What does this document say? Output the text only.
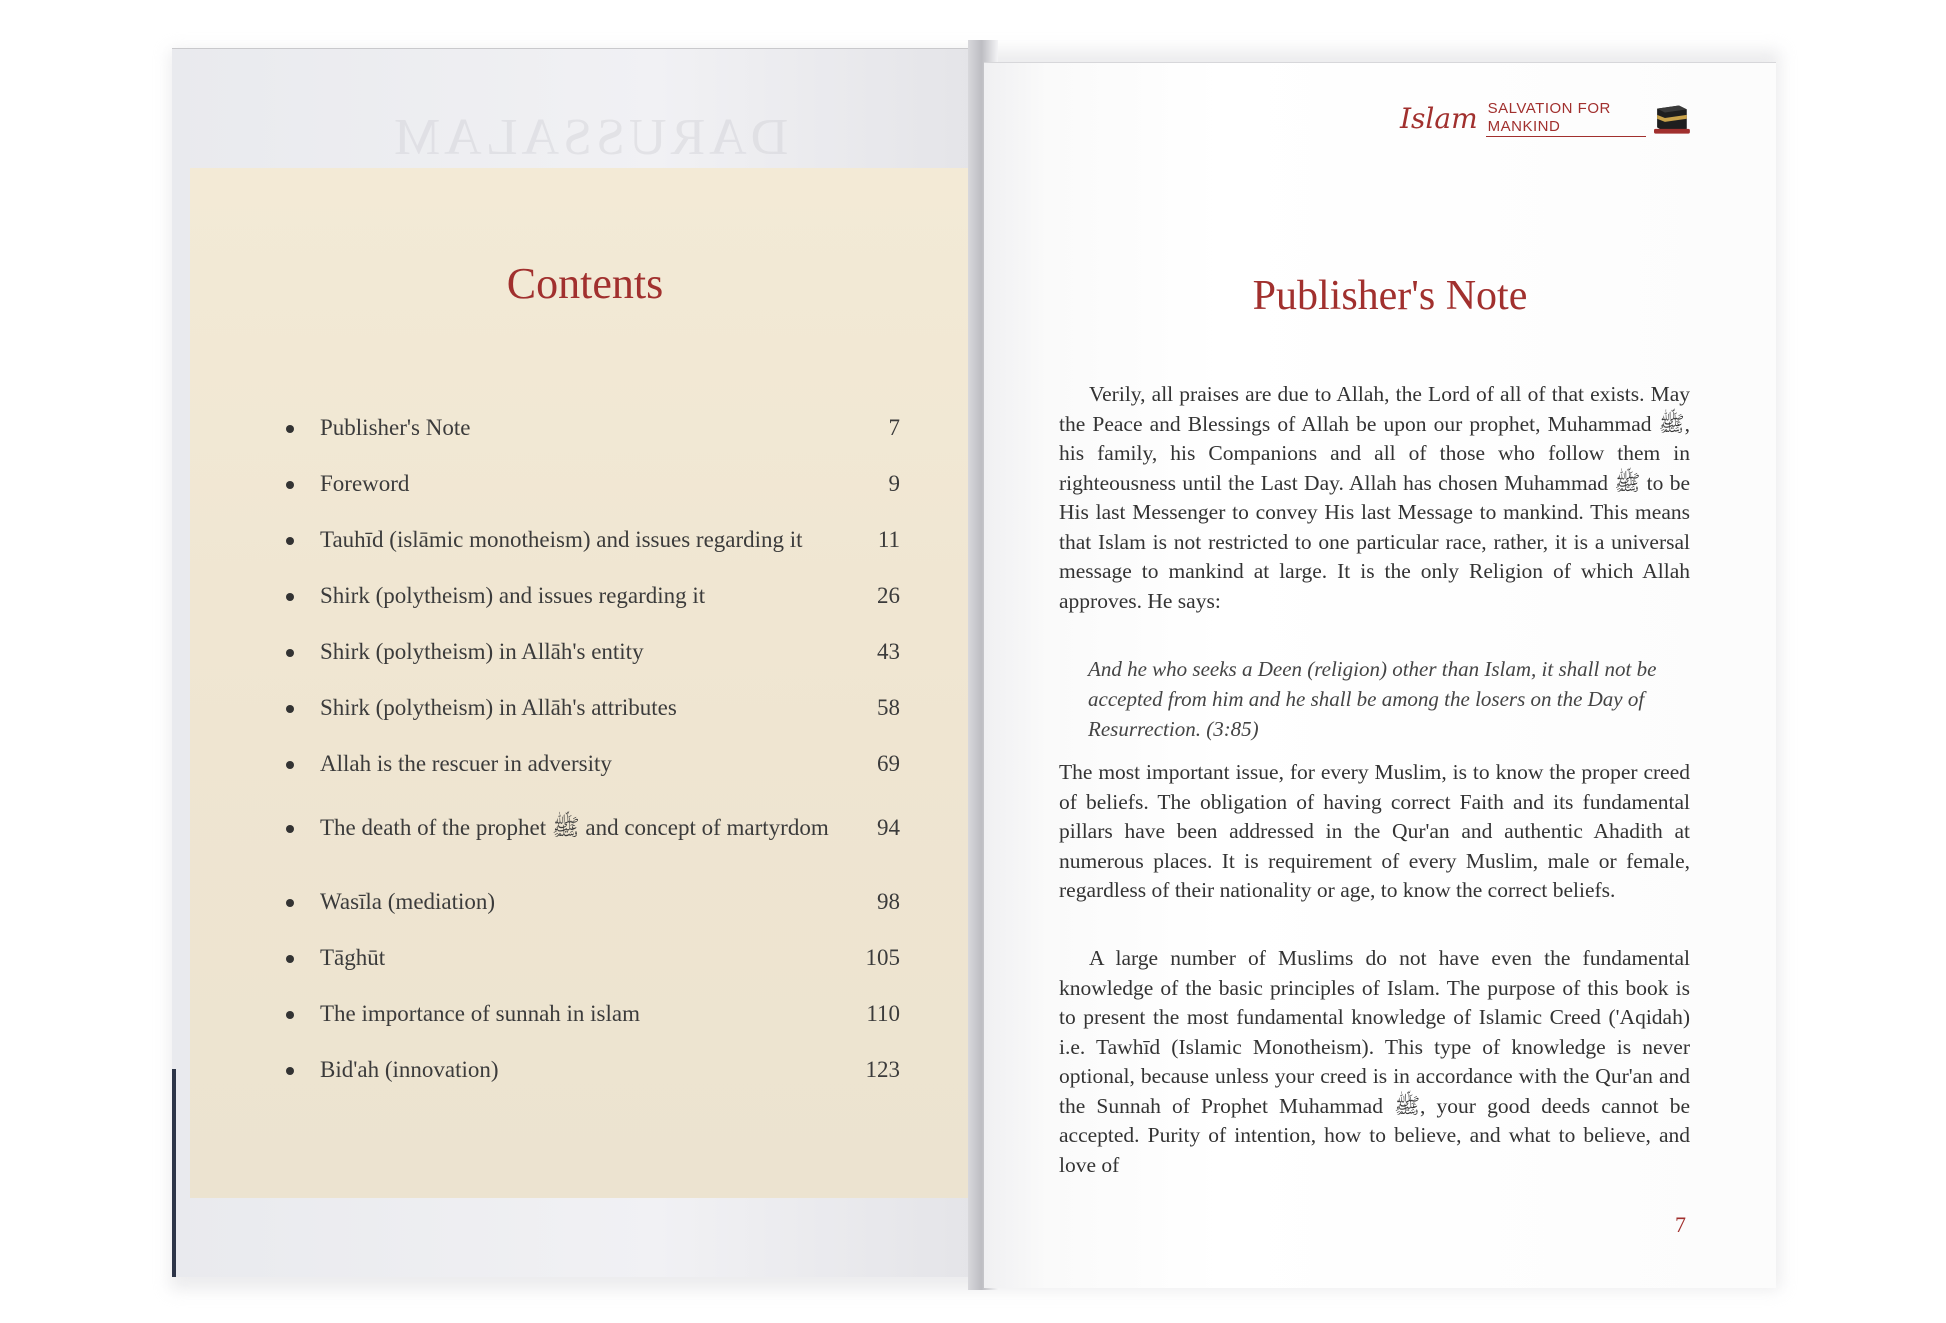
DARUSSALAM
Contents
Publisher's Note	7
Foreword	9
Tauhīd (islāmic monotheism) and issues regarding it	11
Shirk (polytheism) and issues regarding it	26
Shirk (polytheism) in Allāh's entity	43
Shirk (polytheism) in Allāh's attributes	58
Allah is the rescuer in adversity	69
The death of the prophet ﷺ and concept of martyrdom 94
Wasīla (mediation)	98
Tāghūt	105
The importance of sunnah in islam	110
Bid'ah (innovation)	123
Islam SALVATION FOR MANKIND
Publisher's Note

Verily, all praises are due to Allah, the Lord of all of that exists. May the Peace and Blessings of Allah be upon our prophet, Muhammad ﷺ, his family, his Companions and all of those who follow them in righteousness until the Last Day. Allah has chosen Muhammad ﷺ to be His last Messenger to convey His last Message to mankind. This means that Islam is not restricted to one particular race, rather, it is a universal message to mankind at large. It is the only Religion of which Allah approves. He says:

And he who seeks a Deen (religion) other than Islam, it shall not be accepted from him and he shall be among the losers on the Day of Resurrection. (3:85)

The most important issue, for every Muslim, is to know the proper creed of beliefs. The obligation of having correct Faith and its fundamental pillars have been addressed in the Qur'an and authentic Ahadith at numerous places. It is requirement of every Muslim, male or female, regardless of their nationality or age, to know the correct beliefs.

A large number of Muslims do not have even the fundamental knowledge of the basic principles of Islam. The purpose of this book is to present the most fundamental knowledge of Islamic Creed ('Aqidah) i.e. Tawhīd (Islamic Monotheism). This type of knowledge is never optional, because unless your creed is in accordance with the Qur'an and the Sunnah of Prophet Muhammad ﷺ, your good deeds cannot be accepted. Purity of intention, how to believe, and what to believe, and love of

7
